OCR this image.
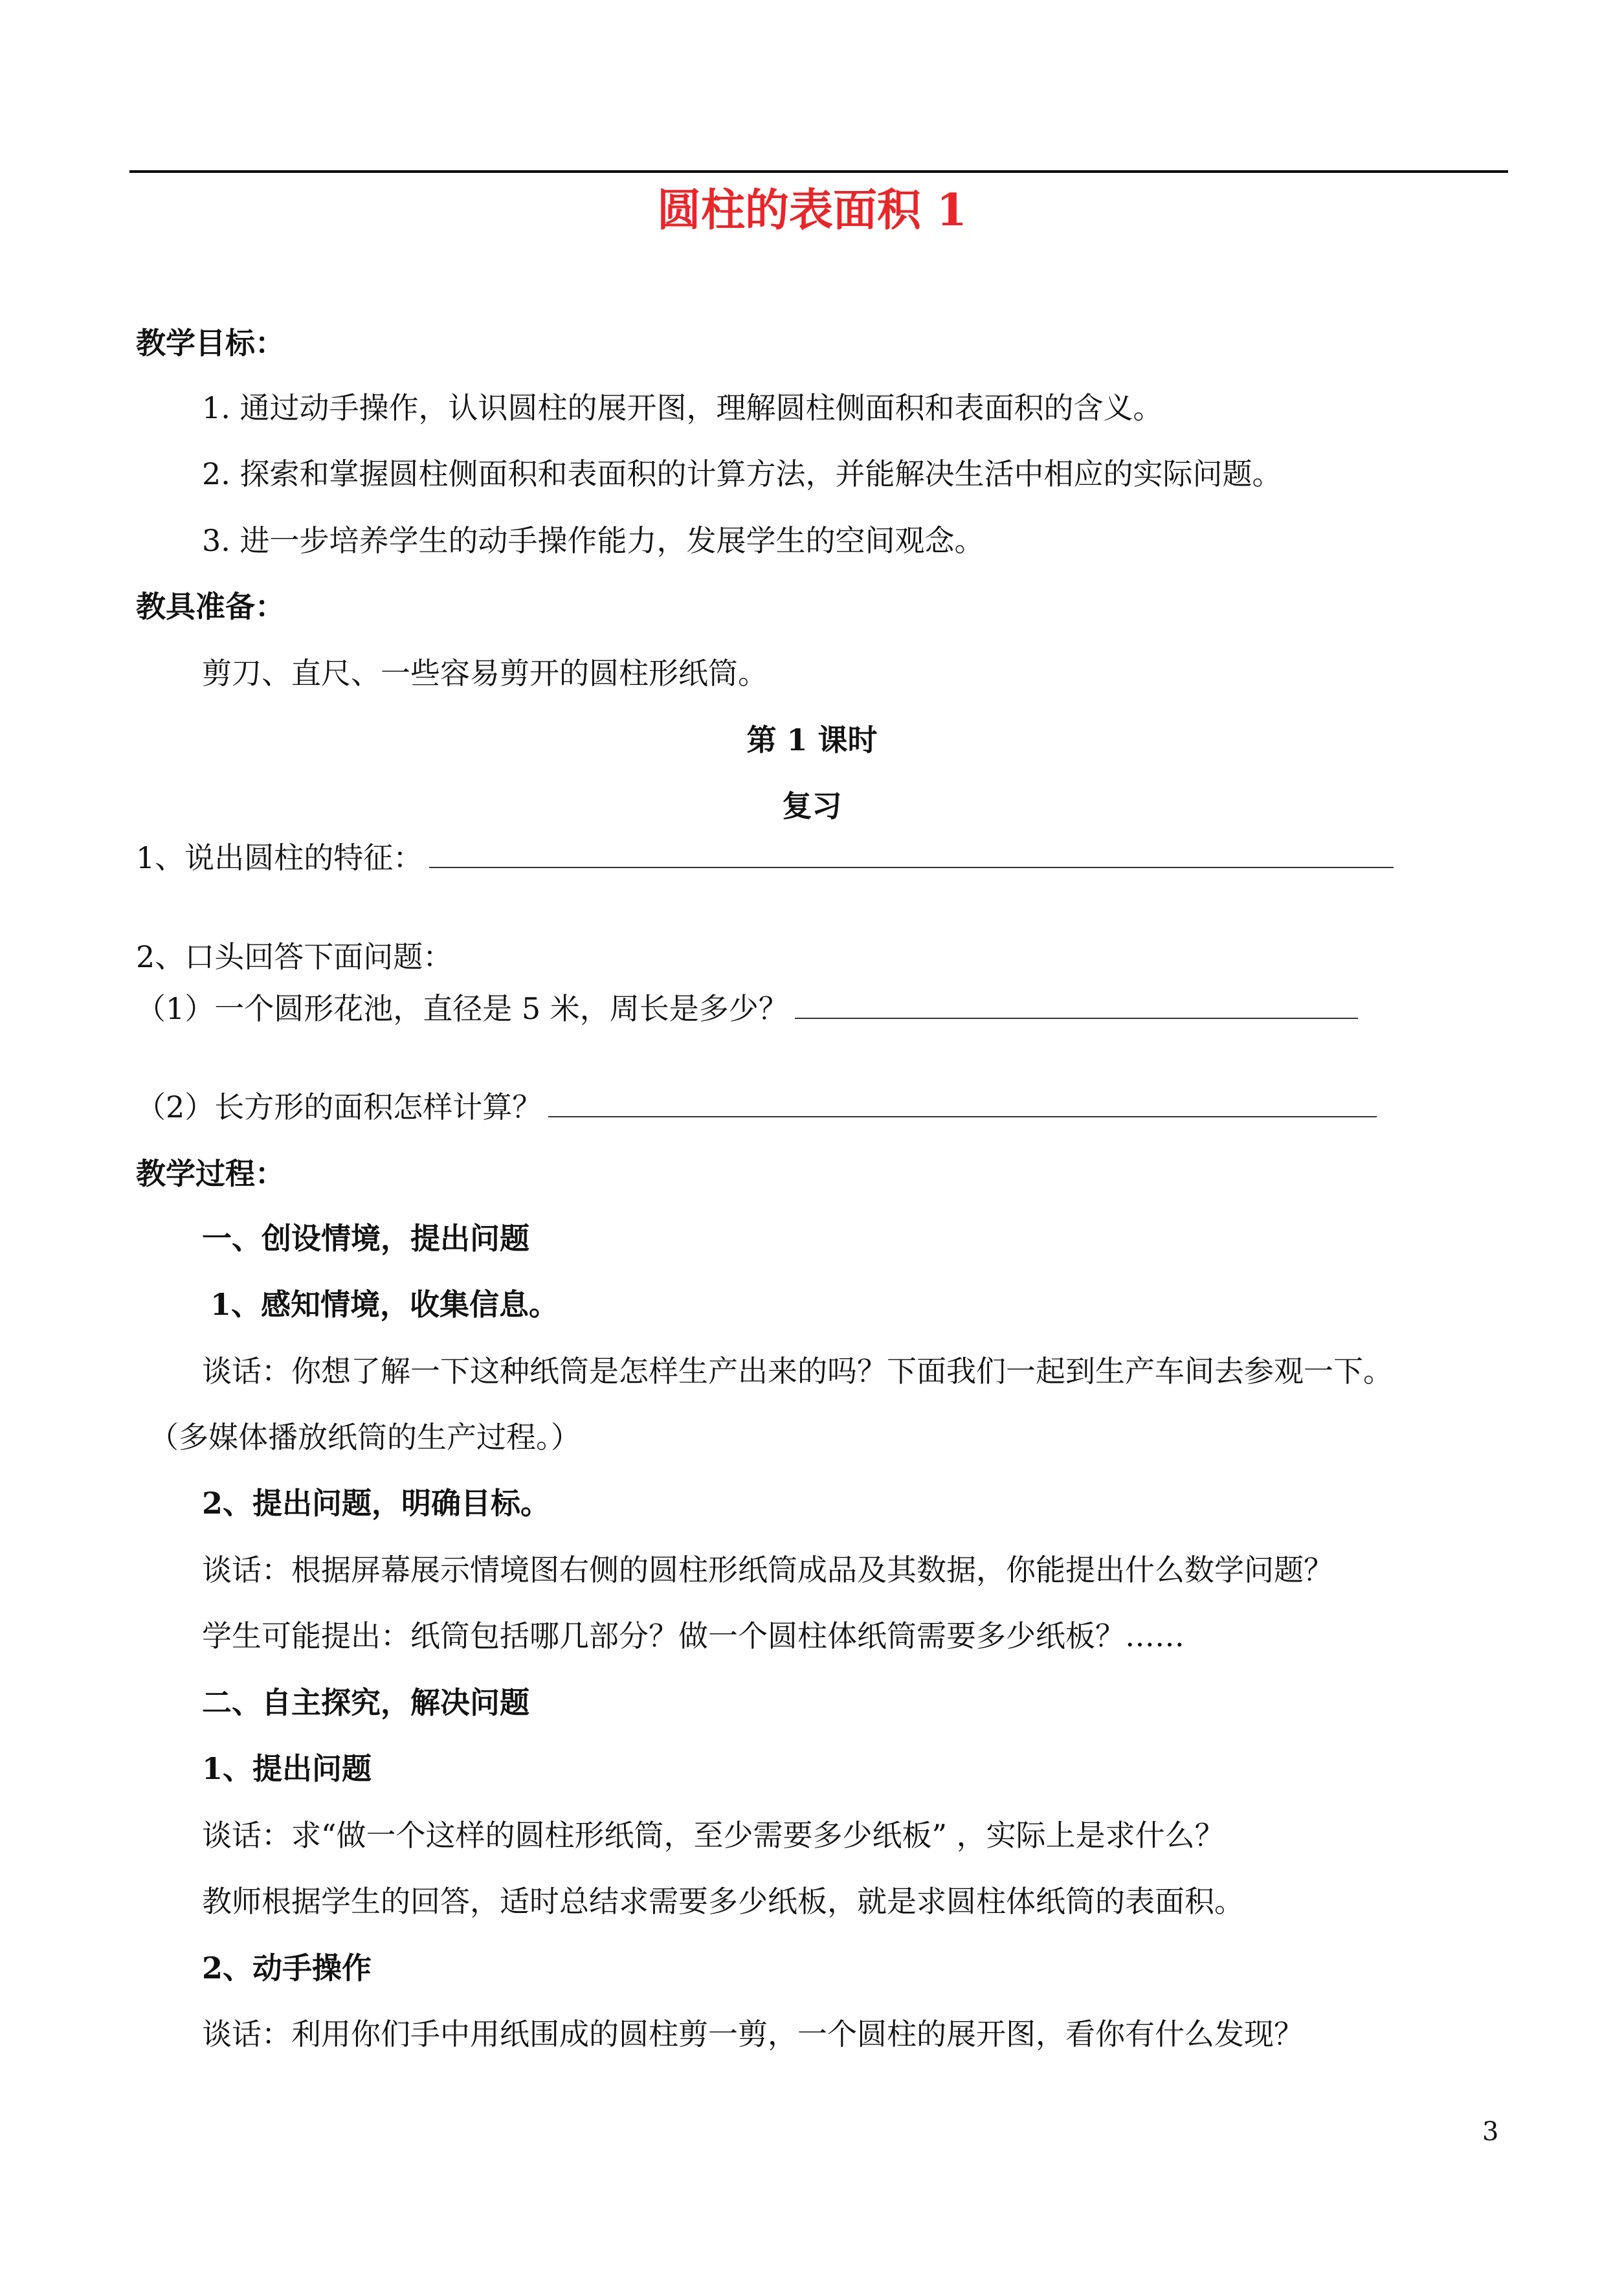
圆柱的表面积 1
教学目标：
1. 通过动手操作，认识圆柱的展开图，理解圆柱侧面积和表面积的含义。
2. 探索和掌握圆柱侧面积和表面积的计算方法，并能解决生活中相应的实际问题。
3. 进一步培养学生的动手操作能力，发展学生的空间观念。
教具准备：
剪刀、直尺、一些容易剪开的圆柱形纸筒。
第 1 课时
复习
1、说出圆柱的特征：
2、口头回答下面问题：
（1）一个圆形花池，直径是 5 米，周长是多少？
（2）长方形的面积怎样计算？
教学过程：
一、创设情境，提出问题
1、感知情境，收集信息。
谈话：你想了解一下这种纸筒是怎样生产出来的吗？下面我们一起到生产车间去参观一下。
（多媒体播放纸筒的生产过程。）
2、提出问题，明确目标。
谈话：根据屏幕展示情境图右侧的圆柱形纸筒成品及其数据，你能提出什么数学问题？
学生可能提出：纸筒包括哪几部分？做一个圆柱体纸筒需要多少纸板？……
二、自主探究，解决问题
1、提出问题
谈话：求“做一个这样的圆柱形纸筒，至少需要多少纸板” ，实际上是求什么？
教师根据学生的回答，适时总结求需要多少纸板，就是求圆柱体纸筒的表面积。
2、动手操作
谈话：利用你们手中用纸围成的圆柱剪一剪，一个圆柱的展开图，看你有什么发现？
3
